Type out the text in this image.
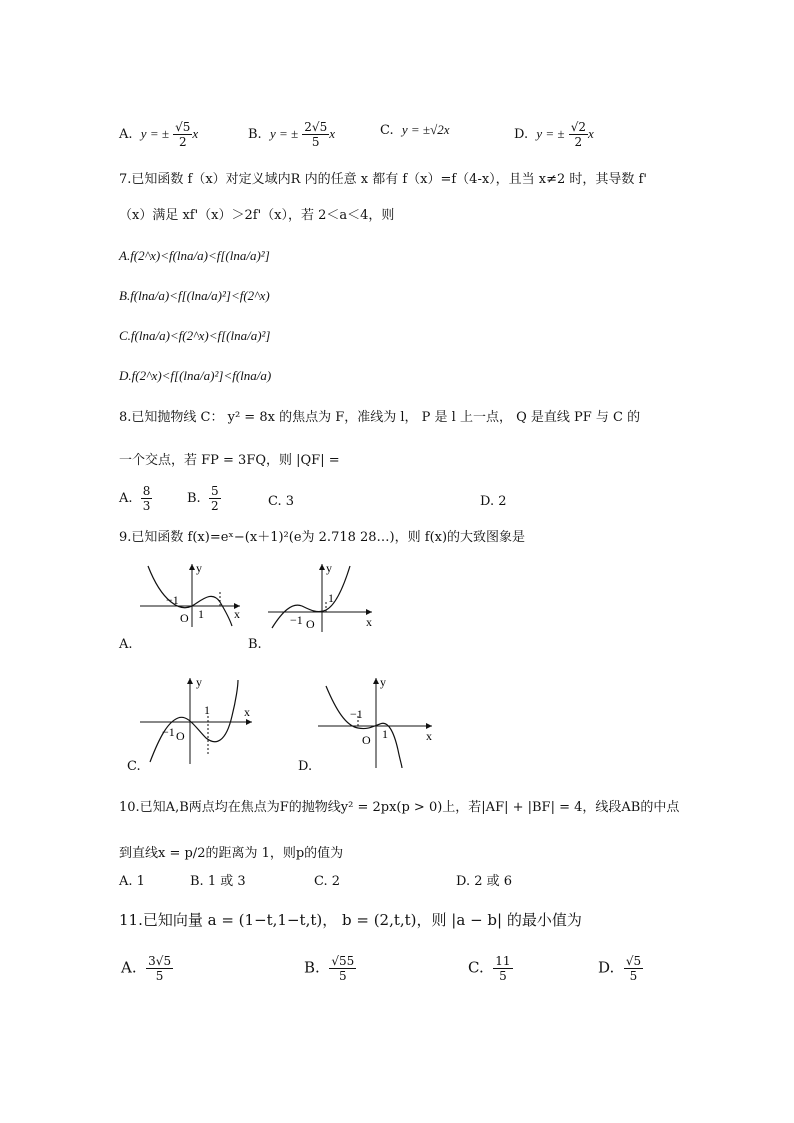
A. y = ± $\frac{√5}{2}$ x	B. y = ± $\frac{2√5}{5}$ x	C. y = ±√2x	D. y = ± $\frac{√2}{2}$ x
7.已知函数 f（x）对定义域内R 内的任意 x 都有 f（x）=f（4-x），且当 x≠2 时，其导数 f'
（x）满足 xf'（x）＞2f'（x），若 2＜a＜4，则
A.f(2^x)<f(lna/a)<f[(lna/a)²]
B.f(lna/a)<f[(lna/a)²]<f(2^x)
C.f(lna/a)<f(2^x)<f[(lna/a)²]
D.f(2^x)<f[(lna/a)²]<f(lna/a)
8.已知抛物线 C： y² = 8x 的焦点为 F，准线为 l， P 是 l 上一点， Q 是直线 PF 与 C 的
一个交点，若 FP = 3FQ，则 |QF| =
A. $\frac{8}{3}$	B. $\frac{5}{2}$	C. 3	D. 2
9.已知函数 f(x)=eˣ−(x＋1)²(e为 2.718 28…)，则 f(x)的大致图象是
y
x
−1
O 1
A.
y
x
−1 O
1
B.
y
x
−1 O
1
C.
y
x
−1
O 1
D.
10.已知A,B两点均在焦点为F的抛物线y² = 2px(p > 0)上，若|AF| + |BF| = 4，线段AB的中点
到直线x = p/2的距离为 1，则p的值为
A. 1	B. 1 或 3	C. 2	D. 2 或 6
11.已知向量 a = (1−t,1−t,t)， b = (2,t,t)，则 |a − b| 的最小值为
A. $\frac{3√5}{5}$	B. $\frac{√55}{5}$	C. $\frac{11}{5}$	D. $\frac{√5}{5}$
